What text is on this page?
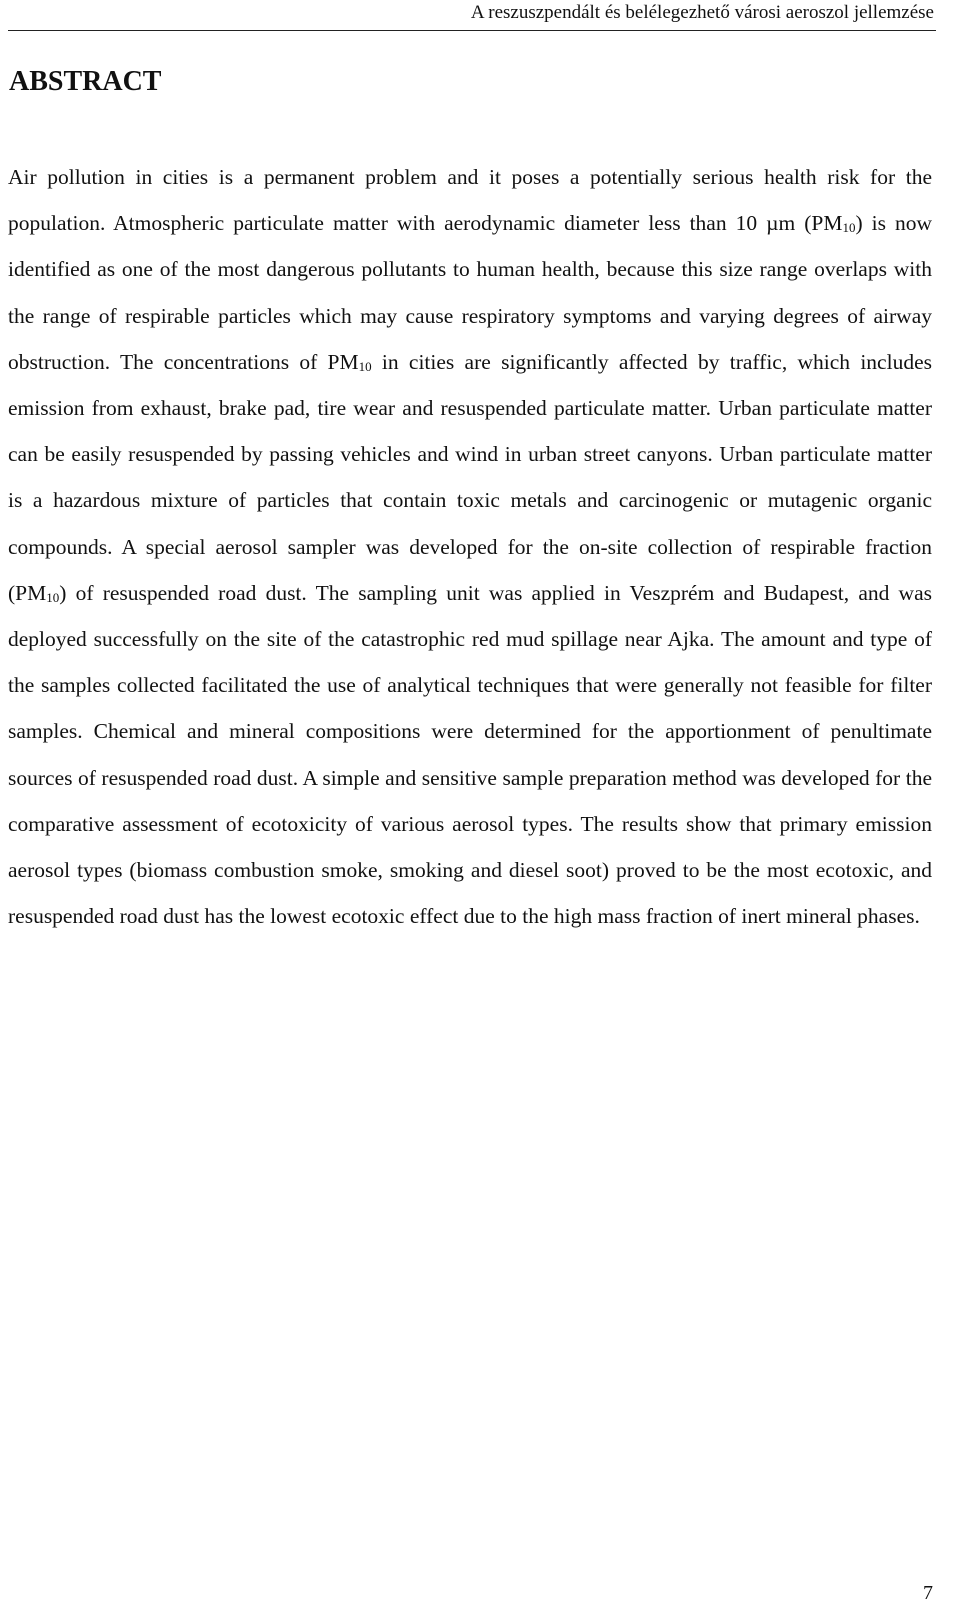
A reszuszpendált és belélegezhető városi aeroszol jellemzése
ABSTRACT

Air pollution in cities is a permanent problem and it poses a potentially serious health risk for the population. Atmospheric particulate matter with aerodynamic diameter less than 10 µm $(PM_{10})$ is now identified as one of the most dangerous pollutants to human health, because this size range overlaps with the range of respirable particles which may cause respiratory symptoms and varying degrees of airway obstruction. The concentrations of $PM_{10}$ in cities are significantly affected by traffic, which includes emission from exhaust, brake pad, tire wear and resuspended particulate matter. Urban particulate matter can be easily resuspended by passing vehicles and wind in urban street canyons. Urban particulate matter is a hazardous mixture of particles that contain toxic metals and carcinogenic or mutagenic organic compounds. A special aerosol sampler was developed for the on-site collection of respirable fraction $(PM_{10})$ of resuspended road dust. The sampling unit was applied in Veszprém and Budapest, and was deployed successfully on the site of the catastrophic red mud spillage near Ajka. The amount and type of the samples collected facilitated the use of analytical techniques that were generally not feasible for filter samples. Chemical and mineral compositions were determined for the apportionment of penultimate sources of resuspended road dust. A simple and sensitive sample preparation method was developed for the comparative assessment of ecotoxicity of various aerosol types. The results show that primary emission aerosol types (biomass combustion smoke, smoking and diesel soot) proved to be the most ecotoxic, and resuspended road dust has the lowest ecotoxic effect due to the high mass fraction of inert mineral phases.

7
